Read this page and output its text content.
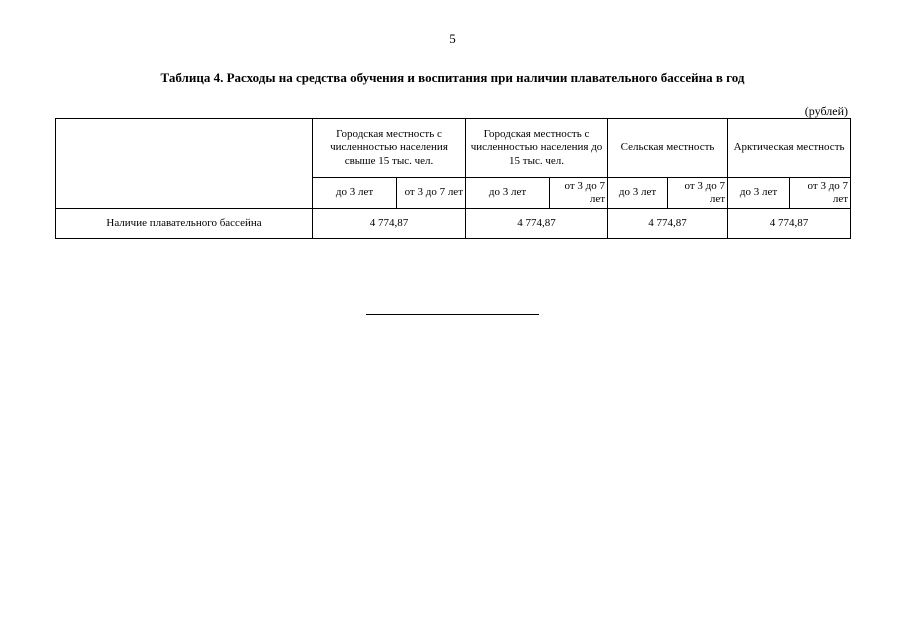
5
Таблица 4. Расходы на средства обучения и воспитания при наличии плавательного бассейна в год
(рублей)
	Городская местность с численностью населения свыше 15 тыс. чел.		Городская местность с численностью населения до 15 тыс. чел.		Сельская местность		Арктическая местность	
	до 3 лет	от 3 до 7 лет	до 3 лет	от 3 до 7 лет	до 3 лет	от 3 до 7 лет	до 3 лет	от 3 до 7 лет
Наличие плавательного бассейна	4 774,87		4 774,87		4 774,87		4 774,87	
